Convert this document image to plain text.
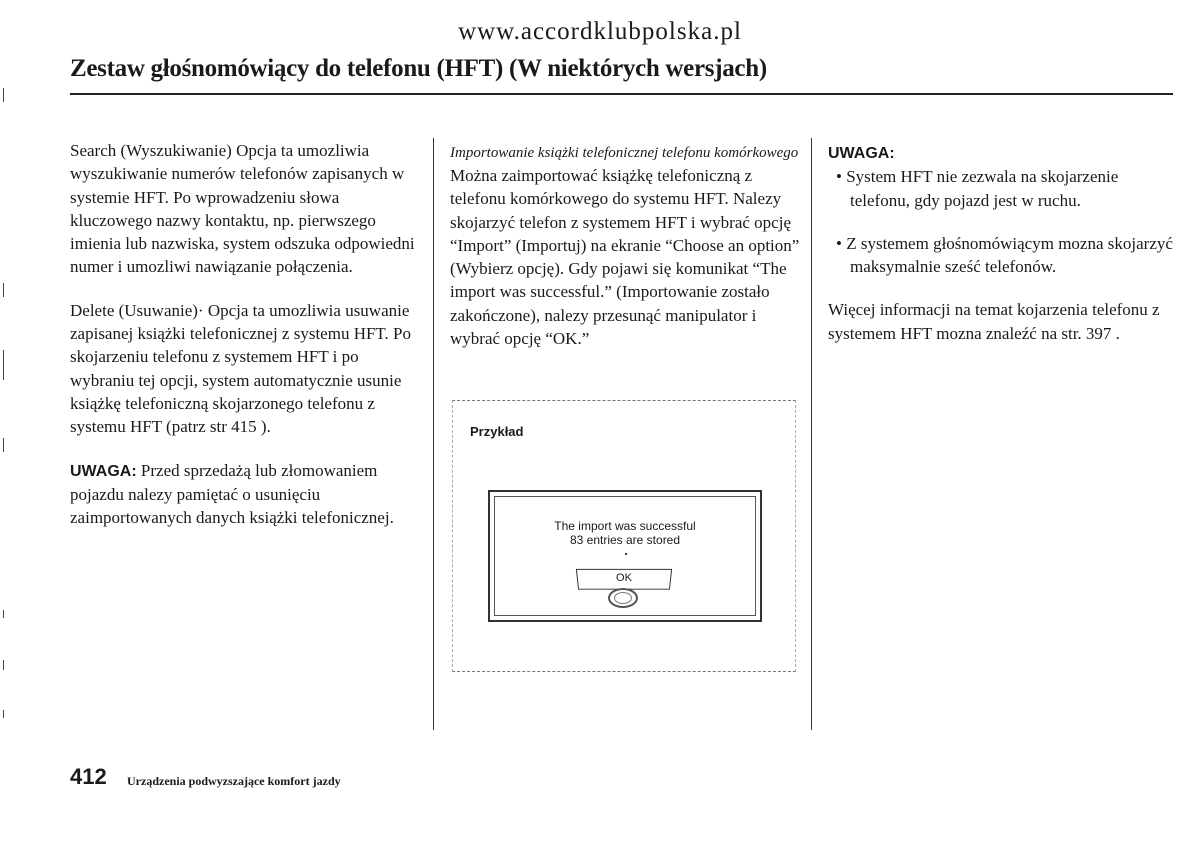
www.accordklubpolska.pl
Zestaw głośnomówiący do telefonu (HFT) (W niektórych wersjach)

Search (Wyszukiwanie) Opcja ta umozliwia wyszukiwanie numerów telefonów zapisanych w systemie HFT. Po wprowadzeniu słowa kluczowego nazwy kontaktu, np. pierwszego imienia lub nazwiska, system odszuka odpowiedni numer i umozliwi nawiązanie połączenia.

Delete (Usuwanie)· Opcja ta umozliwia usuwanie zapisanej książki telefonicznej z systemu HFT. Po skojarzeniu telefonu z systemem HFT i po wybraniu tej opcji, system automatycznie usunie książkę telefoniczną skojarzonego telefonu z systemu HFT (patrz str 415 ).

UWAGA: Przed sprzedażą lub złomowaniem pojazdu nalezy pamiętać o usunięciu zaimportowanych danych książki telefonicznej.

Importowanie książki telefonicznej telefonu komórkowego

Można zaimportować książkę telefoniczną z telefonu komórkowego do systemu HFT. Nalezy skojarzyć telefon z systemem HFT i wybrać opcję “Import” (Importuj) na ekranie “Choose an option” (Wybierz opcję). Gdy pojawi się komunikat “The import was successful.” (Importowanie zostało zakończone), nalezy przesunąć manipulator i wybrać opcję “OK.”

Przykład
The import was successful
83 entries are stored
OK

UWAGA:

• System HFT nie zezwala na skojarzenie telefonu, gdy pojazd jest w ruchu.

• Z systemem głośnomówiącym mozna skojarzyć maksymalnie sześć telefonów.

Więcej informacji na temat kojarzenia telefonu z systemem HFT mozna znaleźć na str. 397 .

412 Urządzenia podwyzszające komfort jazdy
